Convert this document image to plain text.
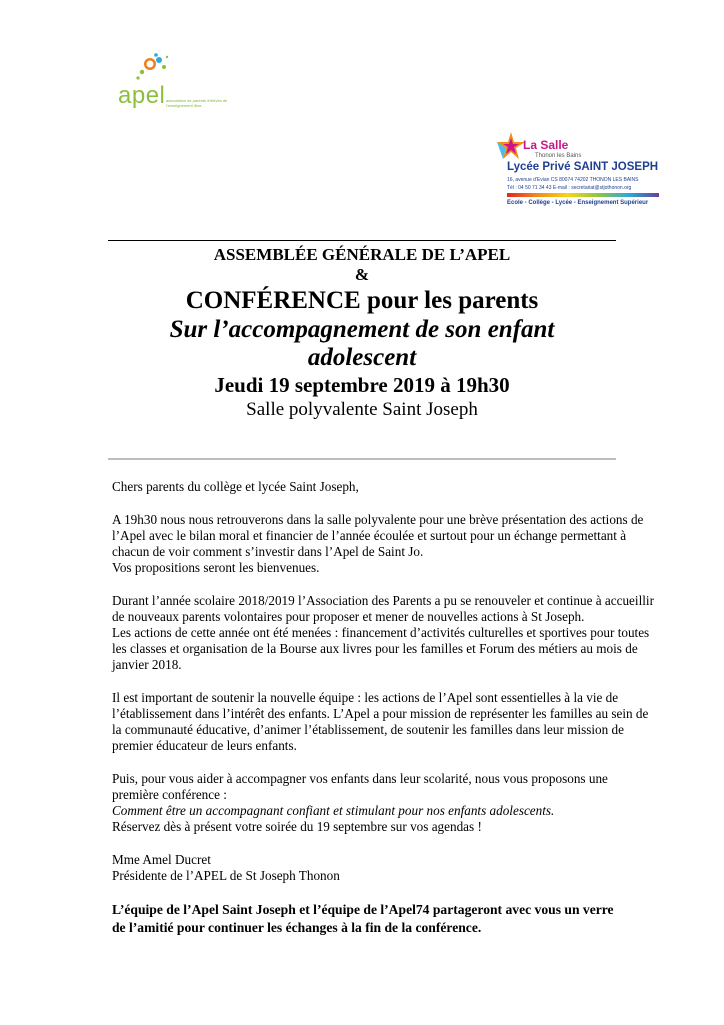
apel association de parents d'élèves de l'enseignement libre
La Salle
Thonon les Bains
Lycée Privé SAINT JOSEPH
16, avenue d'Evian CS 80074 74202 THONON LES BAINS
Tél : 04 50 71 34 43 E-mail : secretariat@stjothonon.org
Ecole - Collège - Lycée - Enseignement Supérieur

ASSEMBLÉE GÉNÉRALE DE L’APEL

&

CONFÉRENCE pour les parents

Sur l’accompagnement de son enfant

adolescent

Jeudi 19 septembre 2019 à 19h30

Salle polyvalente Saint Joseph

Chers parents du collège et lycée Saint Joseph,

A 19h30 nous nous retrouverons dans la salle polyvalente pour une brève présentation des actions de
l’Apel avec le bilan moral et financier de l’année écoulée et surtout pour un échange permettant à
chacun de voir comment s’investir dans l’Apel de Saint Jo.
Vos propositions seront les bienvenues.

Durant l’année scolaire 2018/2019 l’Association des Parents a pu se renouveler et continue à accueillir
de nouveaux parents volontaires pour proposer et mener de nouvelles actions à St Joseph.
Les actions de cette année ont été menées : financement d’activités culturelles et sportives pour toutes
les classes et organisation de la Bourse aux livres pour les familles et Forum des métiers au mois de
janvier 2018.

Il est important de soutenir la nouvelle équipe : les actions de l’Apel sont essentielles à la vie de
l’établissement dans l’intérêt des enfants. L’Apel a pour mission de représenter les familles au sein de
la communauté éducative, d’animer l’établissement, de soutenir les familles dans leur mission de
premier éducateur de leurs enfants.

Puis, pour vous aider à accompagner vos enfants dans leur scolarité, nous vous proposons une
première conférence :
Comment être un accompagnant confiant et stimulant pour nos enfants adolescents.
Réservez dès à présent votre soirée du 19 septembre sur vos agendas !

Mme Amel Ducret
Présidente de l’APEL de St Joseph Thonon

L’équipe de l’Apel Saint Joseph et l’équipe de l’Apel74 partageront avec vous un verre
de l’amitié pour continuer les échanges à la fin de la conférence.
